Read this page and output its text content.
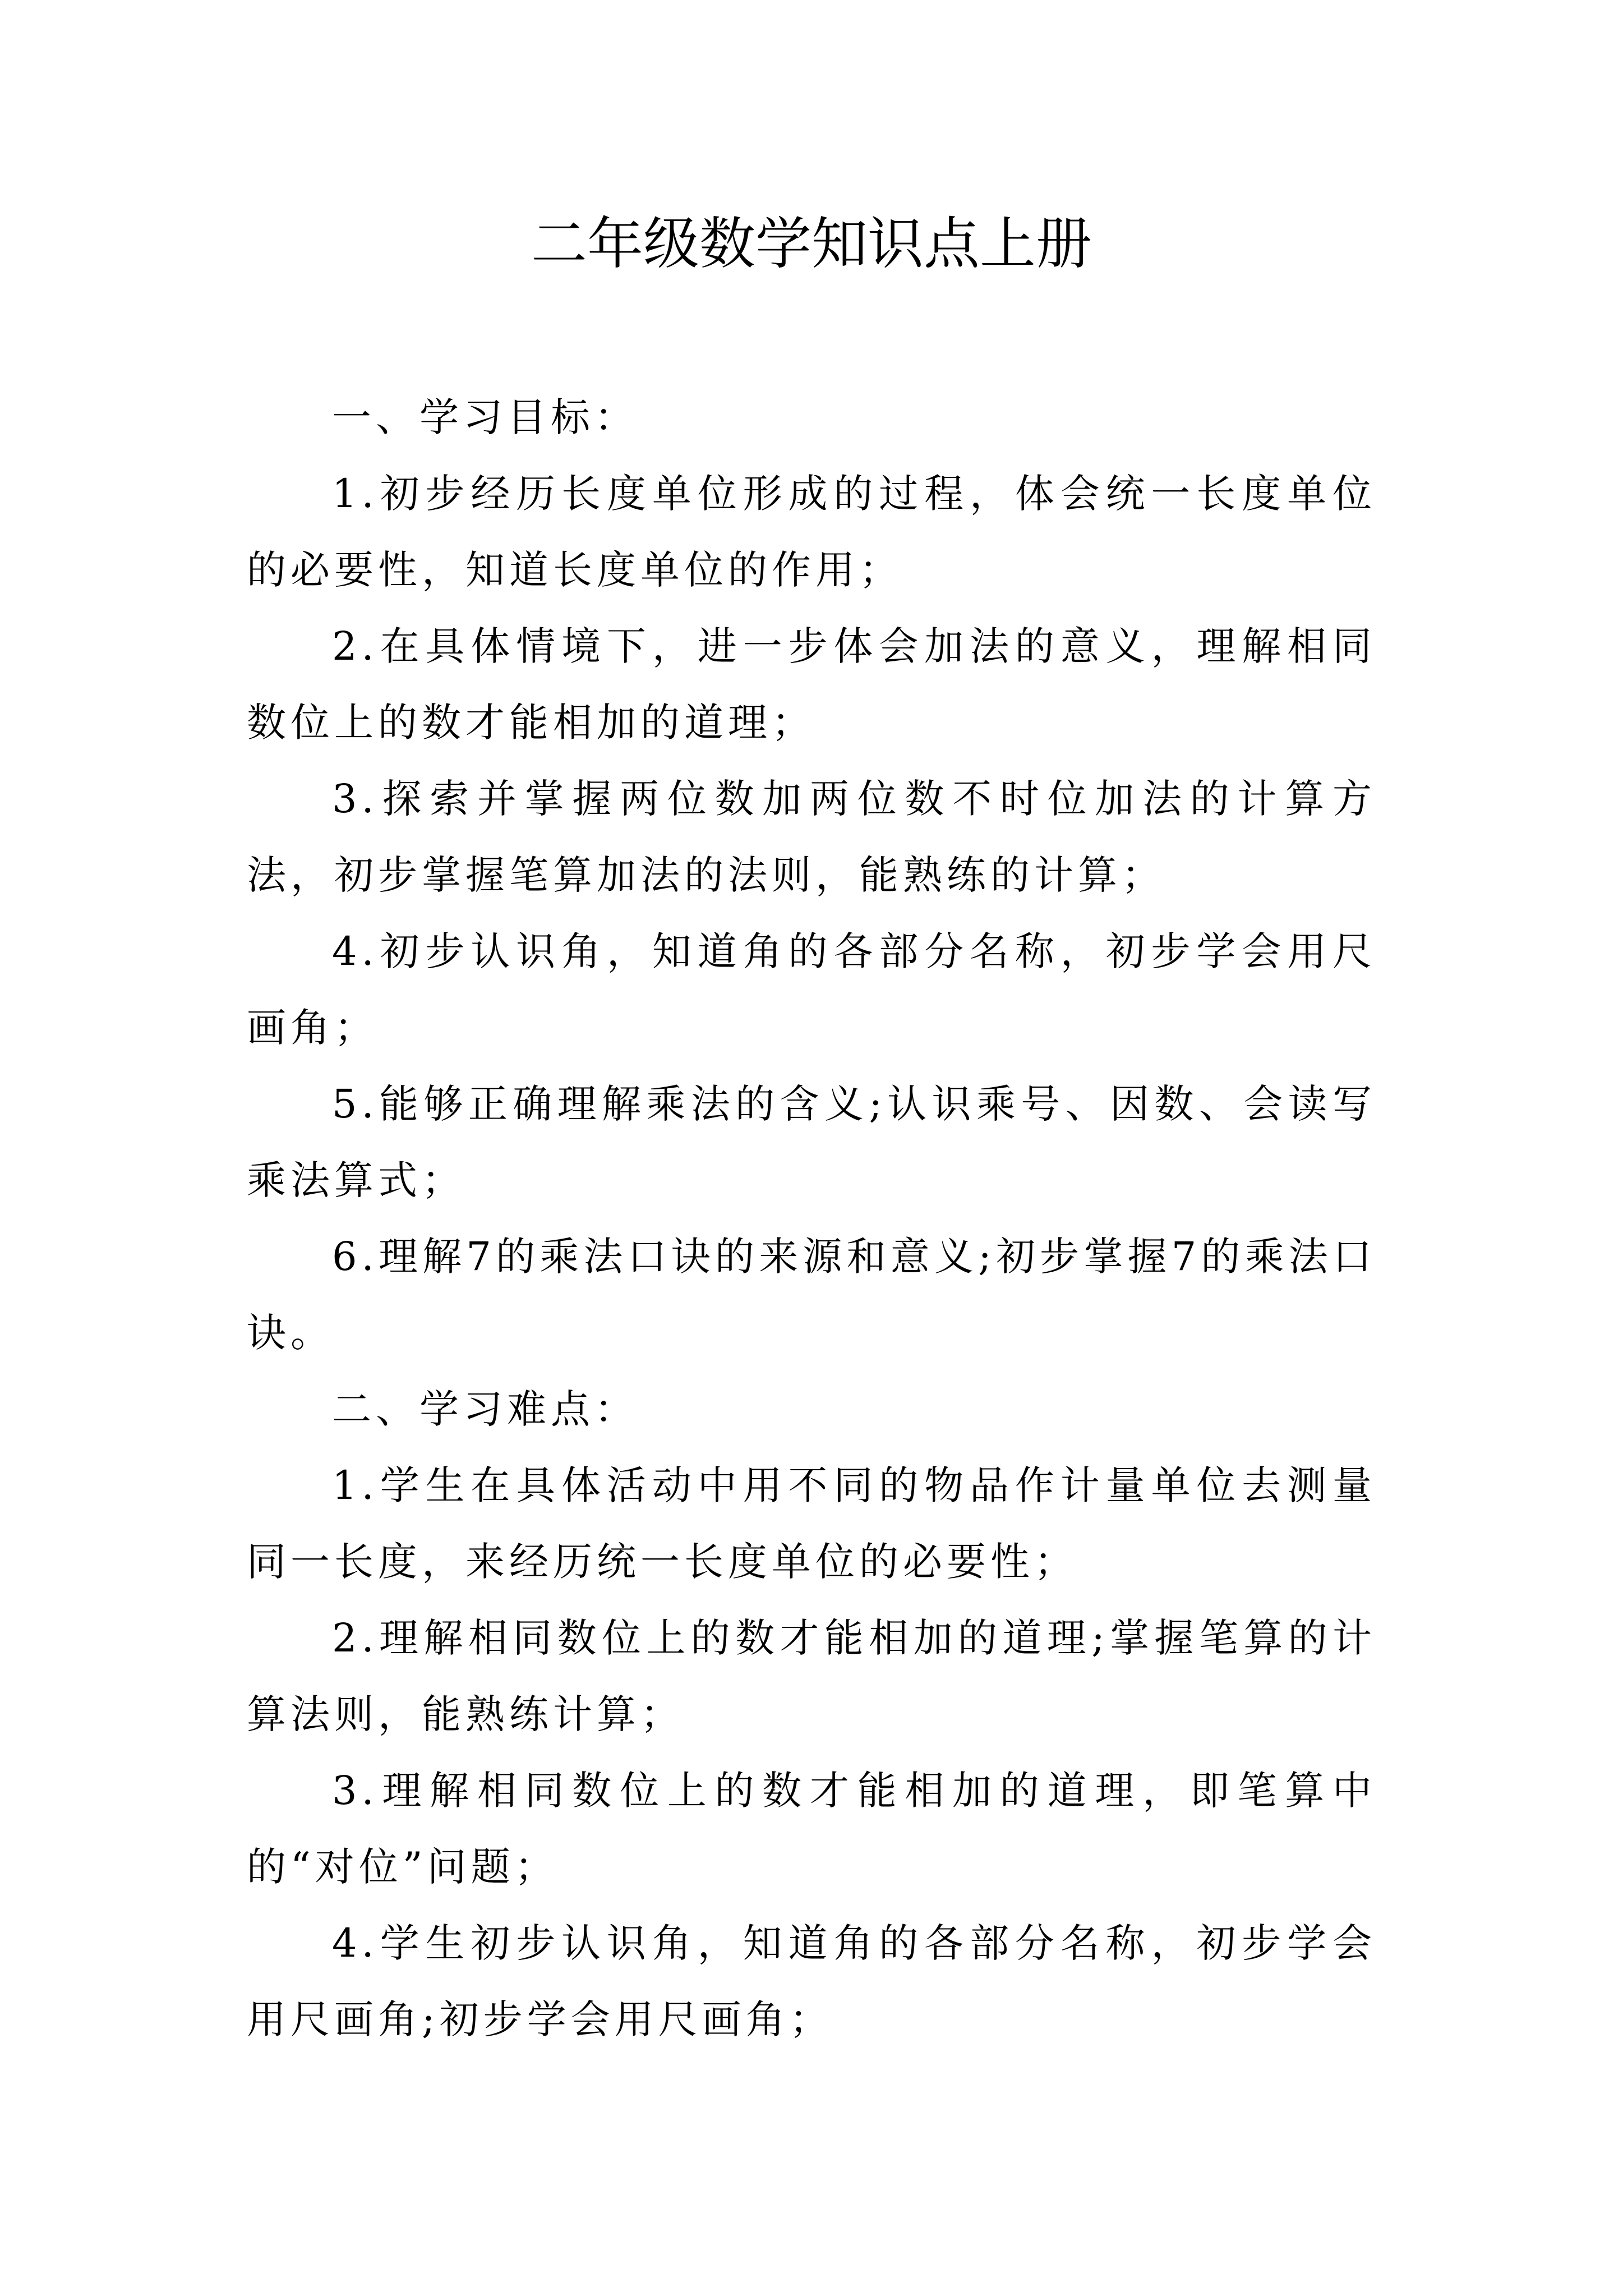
二年级数学知识点上册

一、学习目标：

1.初步经历长度单位形成的过程，体会统一长度单位的必要性，知道长度单位的作用；

2.在具体情境下，进一步体会加法的意义，理解相同数位上的数才能相加的道理；

3.探索并掌握两位数加两位数不时位加法的计算方法，初步掌握笔算加法的法则，能熟练的计算；

4.初步认识角，知道角的各部分名称，初步学会用尺画角；

5.能够正确理解乘法的含义;认识乘号、因数、会读写乘法算式；

6.理解7的乘法口诀的来源和意义;初步掌握7的乘法口诀。

二、学习难点：

1.学生在具体活动中用不同的物品作计量单位去测量同一长度，来经历统一长度单位的必要性；

2.理解相同数位上的数才能相加的道理;掌握笔算的计算法则，能熟练计算；

3.理解相同数位上的数才能相加的道理，即笔算中的“对位”问题；

4.学生初步认识角，知道角的各部分名称，初步学会用尺画角;初步学会用尺画角；
